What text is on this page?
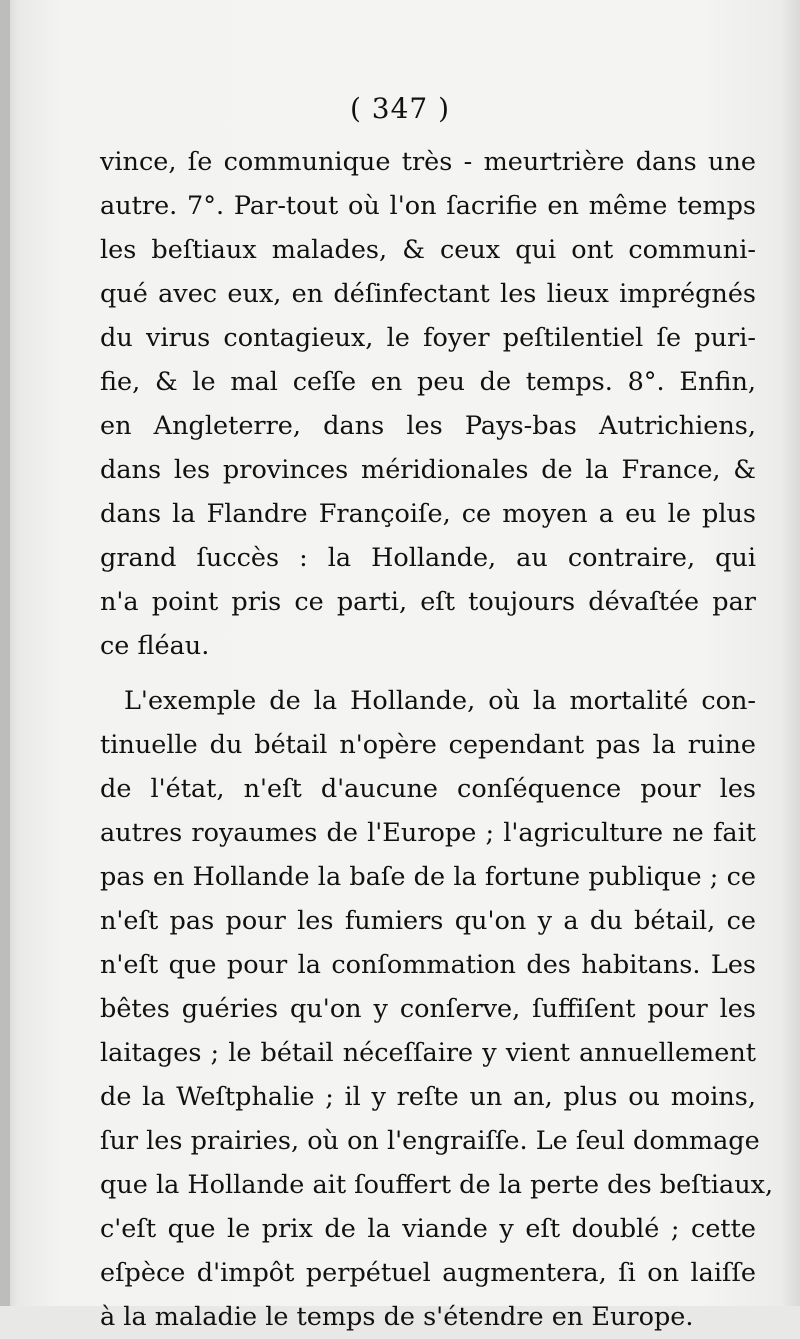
( 347 )
vince, ſe communique très - meurtrière dans une
autre. 7°. Par-tout où l'on ſacrifie en même temps
les beſtiaux malades, & ceux qui ont communi-
qué avec eux, en déſinfectant les lieux imprégnés
du virus contagieux, le foyer peſtilentiel ſe puri-
fie, & le mal ceſſe en peu de temps. 8°. Enfin,
en Angleterre, dans les Pays-bas Autrichiens,
dans les provinces méridionales de la France, &
dans la Flandre Françoiſe, ce moyen a eu le plus
grand ſuccès : la Hollande, au contraire, qui
n'a point pris ce parti, eſt toujours dévaſtée par
ce fléau.
L'exemple de la Hollande, où la mortalité con-
tinuelle du bétail n'opère cependant pas la ruine
de l'état, n'eſt d'aucune conſéquence pour les
autres royaumes de l'Europe ; l'agriculture ne fait
pas en Hollande la baſe de la fortune publique ; ce
n'eſt pas pour les fumiers qu'on y a du bétail, ce
n'eſt que pour la conſommation des habitans. Les
bêtes guéries qu'on y conſerve, ſuffiſent pour les
laitages ; le bétail néceſſaire y vient annuellement
de la Weſtphalie ; il y reſte un an, plus ou moins,
ſur les prairies, où on l'engraiſſe. Le ſeul dommage
que la Hollande ait ſouffert de la perte des beſtiaux,
c'eſt que le prix de la viande y eſt doublé ; cette
eſpèce d'impôt perpétuel augmentera, ſi on laiſſe
à la maladie le temps de s'étendre en Europe.
